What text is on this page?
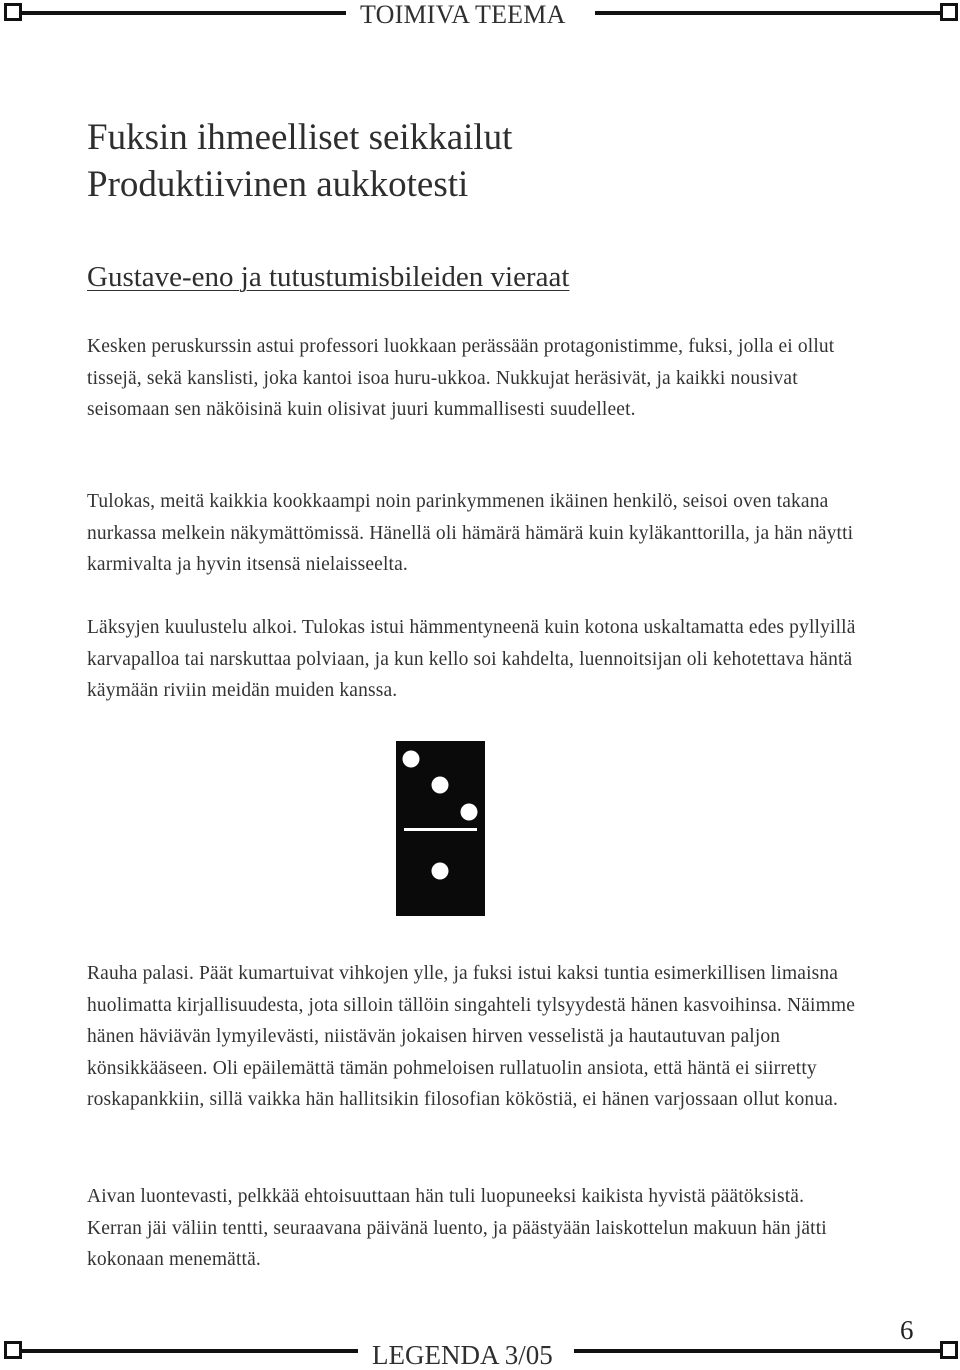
TOIMIVA TEEMA
Fuksin ihmeelliset seikkailut
Produktiivinen aukkotesti
Gustave-eno ja tutustumisbileiden vieraat

Kesken peruskurssin astui professori luokkaan perässään protagonistimme, fuksi, jolla ei ollut tissejä, sekä kanslisti, joka kantoi isoa huru-ukkoa. Nukkujat heräsivät, ja kaikki nousivat seisomaan sen näköisinä kuin olisivat juuri kummallisesti suudelleet.

Tulokas, meitä kaikkia kookkaampi noin parinkymmenen ikäinen henkilö, seisoi oven takana nurkassa melkein näkymättömissä. Hänellä oli hämärä hämärä kuin kyläkanttorilla, ja hän näytti karmivalta ja hyvin itsensä nielaisseelta.

Läksyjen kuulustelu alkoi. Tulokas istui hämmentyneenä kuin kotona uskaltamatta edes pyllyillä karvapalloa tai narskuttaa polviaan, ja kun kello soi kahdelta, luennoitsijan oli kehotettava häntä käymään riviin meidän muiden kanssa.

Rauha palasi. Päät kumartuivat vihkojen ylle, ja fuksi istui kaksi tuntia esimerkillisen limaisna huolimatta kirjallisuudesta, jota silloin tällöin singahteli tylsyydestä hänen kasvoihinsa. Näimme hänen häviävän lymyilevästi, niistävän jokaisen hirven vesselistä ja hautautuvan paljon könsikkääseen. Oli epäilemättä tämän pohmeloisen rullatuolin ansiota, että häntä ei siirretty roskapankkiin, sillä vaikka hän hallitsikin filosofian kököstiä, ei hänen varjossaan ollut konua.

Aivan luontevasti, pelkkää ehtoisuuttaan hän tuli luopuneeksi kaikista hyvistä päätöksistä. Kerran jäi väliin tentti, seuraavana päivänä luento, ja päästyään laiskottelun makuun hän jätti kokonaan menemättä.

6
LEGENDA 3/05
